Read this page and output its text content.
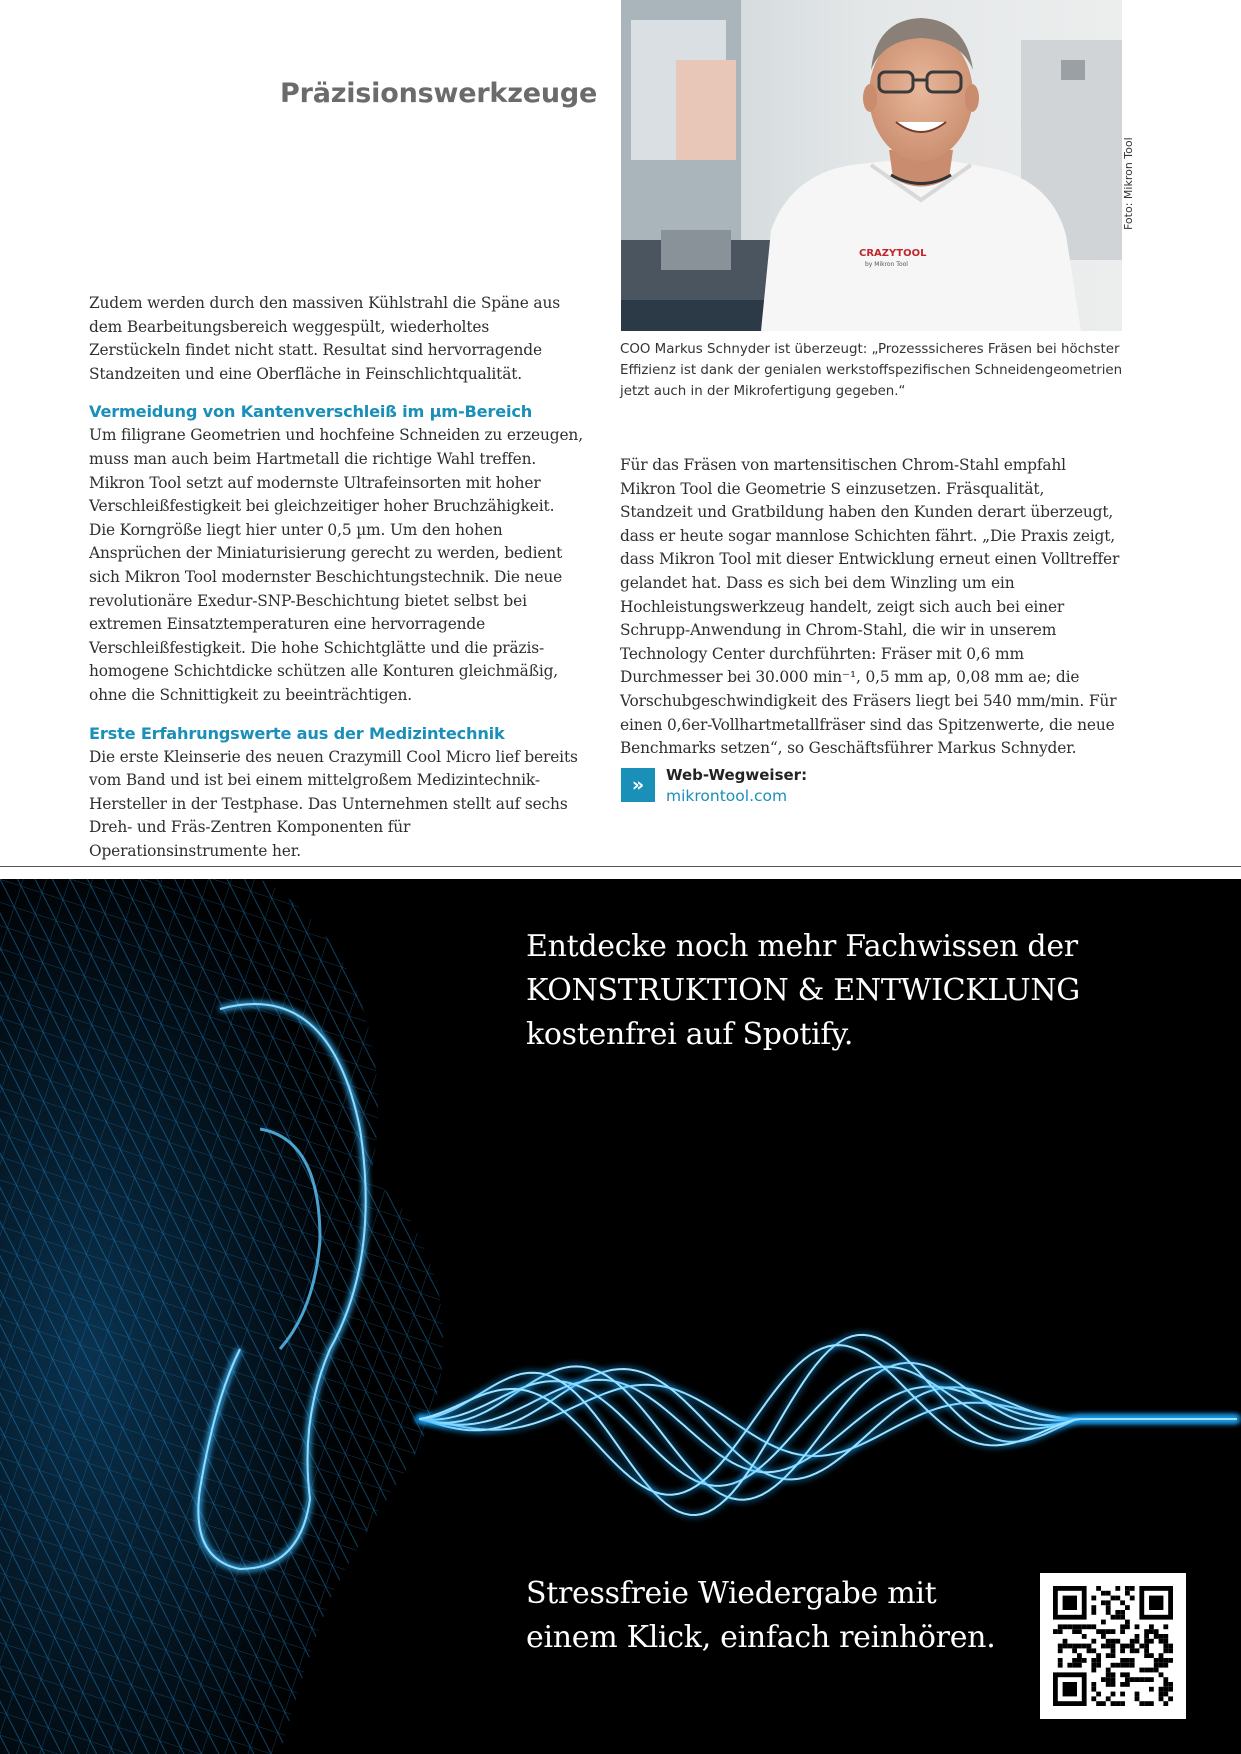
Präzisionswerkzeuge
CRAZYTOOL
by Mikron Tool
Foto: Mikron Tool
COO Markus Schnyder ist überzeugt: „Prozesssicheres Fräsen bei höchster Effizienz ist dank der genialen werkstoffspezifischen Schneidengeometrien jetzt auch in der Mikrofertigung gegeben.“

Zudem werden durch den massiven Kühlstrahl die Späne aus dem Bearbeitungsbereich weggespült, wiederholtes Zerstückeln findet nicht statt. Resultat sind hervorragende Standzeiten und eine Oberfläche in Feinschlichtqualität.

Vermeidung von Kantenverschleiß im µm-Bereich

Um filigrane Geometrien und hochfeine Schneiden zu erzeugen, muss man auch beim Hartmetall die richtige Wahl treffen. Mikron Tool setzt auf modernste Ultrafeinsorten mit hoher Verschleißfestigkeit bei gleichzeitiger hoher Bruchzähigkeit. Die Korngröße liegt hier unter 0,5 µm. Um den hohen Ansprüchen der Miniaturisierung gerecht zu werden, bedient sich Mikron Tool modernster Beschichtungstechnik. Die neue revolutionäre Exedur-SNP-Beschichtung bietet selbst bei extremen Einsatztemperaturen eine hervorragende Verschleißfestigkeit. Die hohe Schichtglätte und die präzis-homogene Schichtdicke schützen alle Konturen gleichmäßig, ohne die Schnittigkeit zu beeinträchtigen.

Erste Erfahrungswerte aus der Medizintechnik

Die erste Kleinserie des neuen Crazymill Cool Micro lief bereits vom Band und ist bei einem mittelgroßem Medizintechnik-Hersteller in der Testphase. Das Unternehmen stellt auf sechs Dreh- und Fräs-Zentren Komponenten für Operationsinstrumente her.

Für das Fräsen von martensitischen Chrom-Stahl empfahl Mikron Tool die Geometrie S einzusetzen. Fräsqualität, Standzeit und Gratbildung haben den Kunden derart überzeugt, dass er heute sogar mannlose Schichten fährt. „Die Praxis zeigt, dass Mikron Tool mit dieser Entwicklung erneut einen Volltreffer gelandet hat. Dass es sich bei dem Winzling um ein Hochleistungswerkzeug handelt, zeigt sich auch bei einer Schrupp-Anwendung in Chrom-Stahl, die wir in unserem Technology Center durchführten: Fräser mit 0,6 mm Durchmesser bei 30.000 min⁻¹, 0,5 mm ap, 0,08 mm ae; die Vorschubgeschwindigkeit des Fräsers liegt bei 540 mm/min. Für einen 0,6er-Vollhartmetallfräser sind das Spitzenwerte, die neue Benchmarks setzen“, so Geschäftsführer Markus Schnyder.

»	Web-Wegweiser:
mikrontool.com
Entdecke noch mehr Fachwissen der
KONSTRUKTION & ENTWICKLUNG
kostenfrei auf Spotify.
Stressfreie Wiedergabe mit
einem Klick, einfach reinhören.
